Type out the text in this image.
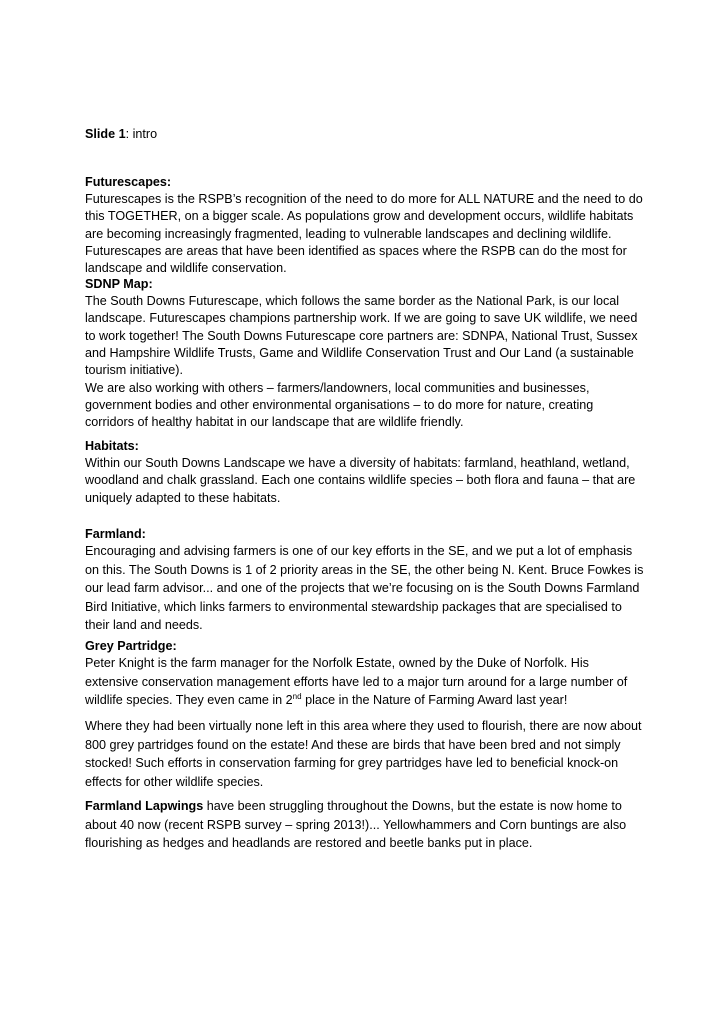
Slide 1: intro

Futurescapes:
Futurescapes is the RSPB’s recognition of the need to do more for ALL NATURE and the need to do this TOGETHER, on a bigger scale. As populations grow and development occurs, wildlife habitats are becoming increasingly fragmented, leading to vulnerable landscapes and declining wildlife. Futurescapes are areas that have been identified as spaces where the RSPB can do the most for landscape and wildlife conservation.

SDNP Map:
The South Downs Futurescape, which follows the same border as the National Park, is our local landscape. Futurescapes champions partnership work. If we are going to save UK wildlife, we need to work together! The South Downs Futurescape core partners are: SDNPA, National Trust, Sussex and Hampshire Wildlife Trusts, Game and Wildlife Conservation Trust and Our Land (a sustainable tourism initiative).

We are also working with others – farmers/landowners, local communities and businesses, government bodies and other environmental organisations – to do more for nature, creating corridors of healthy habitat in our landscape that are wildlife friendly.

Habitats:
Within our South Downs Landscape we have a diversity of habitats: farmland, heathland, wetland, woodland and chalk grassland. Each one contains wildlife species – both flora and fauna – that are uniquely adapted to these habitats.

Farmland:
Encouraging and advising farmers is one of our key efforts in the SE, and we put a lot of emphasis on this. The South Downs is 1 of 2 priority areas in the SE, the other being N. Kent. Bruce Fowkes is our lead farm advisor... and one of the projects that we’re focusing on is the South Downs Farmland Bird Initiative, which links farmers to environmental stewardship packages that are specialised to their land and needs.

Grey Partridge:
Peter Knight is the farm manager for the Norfolk Estate, owned by the Duke of Norfolk. His extensive conservation management efforts have led to a major turn around for a large number of wildlife species. They even came in 2nd place in the Nature of Farming Award last year!

Where they had been virtually none left in this area where they used to flourish, there are now about 800 grey partridges found on the estate! And these are birds that have been bred and not simply stocked! Such efforts in conservation farming for grey partridges have led to beneficial knock-on effects for other wildlife species.

Farmland Lapwings have been struggling throughout the Downs, but the estate is now home to about 40 now (recent RSPB survey – spring 2013!)... Yellowhammers and Corn buntings are also flourishing as hedges and headlands are restored and beetle banks put in place.
